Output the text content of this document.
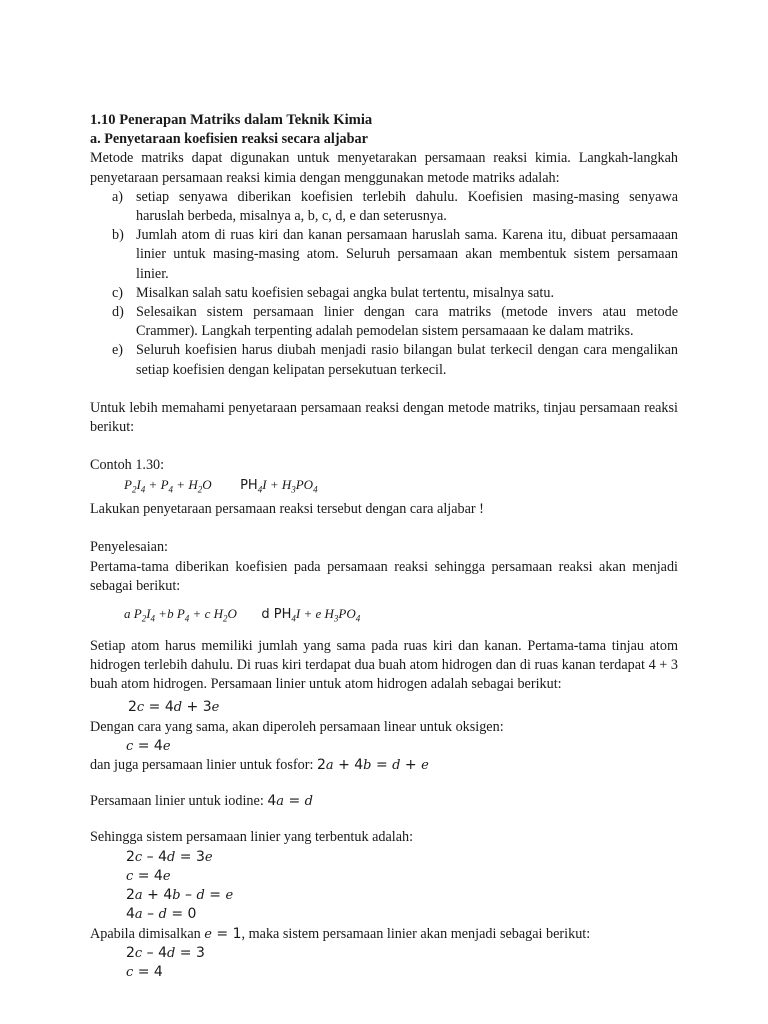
1.10 Penerapan Matriks dalam Teknik Kimia

a. Penyetaraan koefisien reaksi secara aljabar

Metode matriks dapat digunakan untuk menyetarakan persamaan reaksi kimia. Langkah-langkah penyetaraan persamaan reaksi kimia dengan menggunakan metode matriks adalah:

a) setiap senyawa diberikan koefisien terlebih dahulu. Koefisien masing-masing senyawa haruslah berbeda, misalnya a, b, c, d, e dan seterusnya.
b) Jumlah atom di ruas kiri dan kanan persamaan haruslah sama. Karena itu, dibuat persamaaan linier untuk masing-masing atom. Seluruh persamaan akan membentuk sistem persamaan linier.
c) Misalkan salah satu koefisien sebagai angka bulat tertentu, misalnya satu.
d) Selesaikan sistem persamaan linier dengan cara matriks (metode invers atau metode Crammer). Langkah terpenting adalah pemodelan sistem persamaaan ke dalam matriks.
e) Seluruh koefisien harus diubah menjadi rasio bilangan bulat terkecil dengan cara mengalikan setiap koefisien dengan kelipatan persekutuan terkecil.

Untuk lebih memahami penyetaraan persamaan reaksi dengan metode matriks, tinjau persamaan reaksi berikut:

Contoh 1.30:

$P_2I_4 + P_4 + H_2O$ $PH_4I + H_3PO_4$

Lakukan penyetaraan persamaan reaksi tersebut dengan cara aljabar !

Penyelesaian:

Pertama-tama diberikan koefisien pada persamaan reaksi sehingga persamaan reaksi akan menjadi sebagai berikut:

a $P_2I_4 +b$ $P_4 + c$ $H_2O$ d $PH_4I + e$ $H_3PO_4$

Setiap atom harus memiliki jumlah yang sama pada ruas kiri dan kanan. Pertama-tama tinjau atom hidrogen terlebih dahulu. Di ruas kiri terdapat dua buah atom hidrogen dan di ruas kanan terdapat 4 + 3 buah atom hidrogen. Persamaan linier untuk atom hidrogen adalah sebagai berikut:

2c = 4d + 3e

Dengan cara yang sama, akan diperoleh persamaan linear untuk oksigen:

c = 4e

dan juga persamaan linier untuk fosfor: 2a + 4b = d + e

Persamaan linier untuk iodine: 4a = d

Sehingga sistem persamaan linier yang terbentuk adalah:

2c – 4d = 3e

c = 4e

2a + 4b – d = e

4a – d = 0

Apabila dimisalkan e = 1, maka sistem persamaan linier akan menjadi sebagai berikut:

2c – 4d = 3

c = 4
